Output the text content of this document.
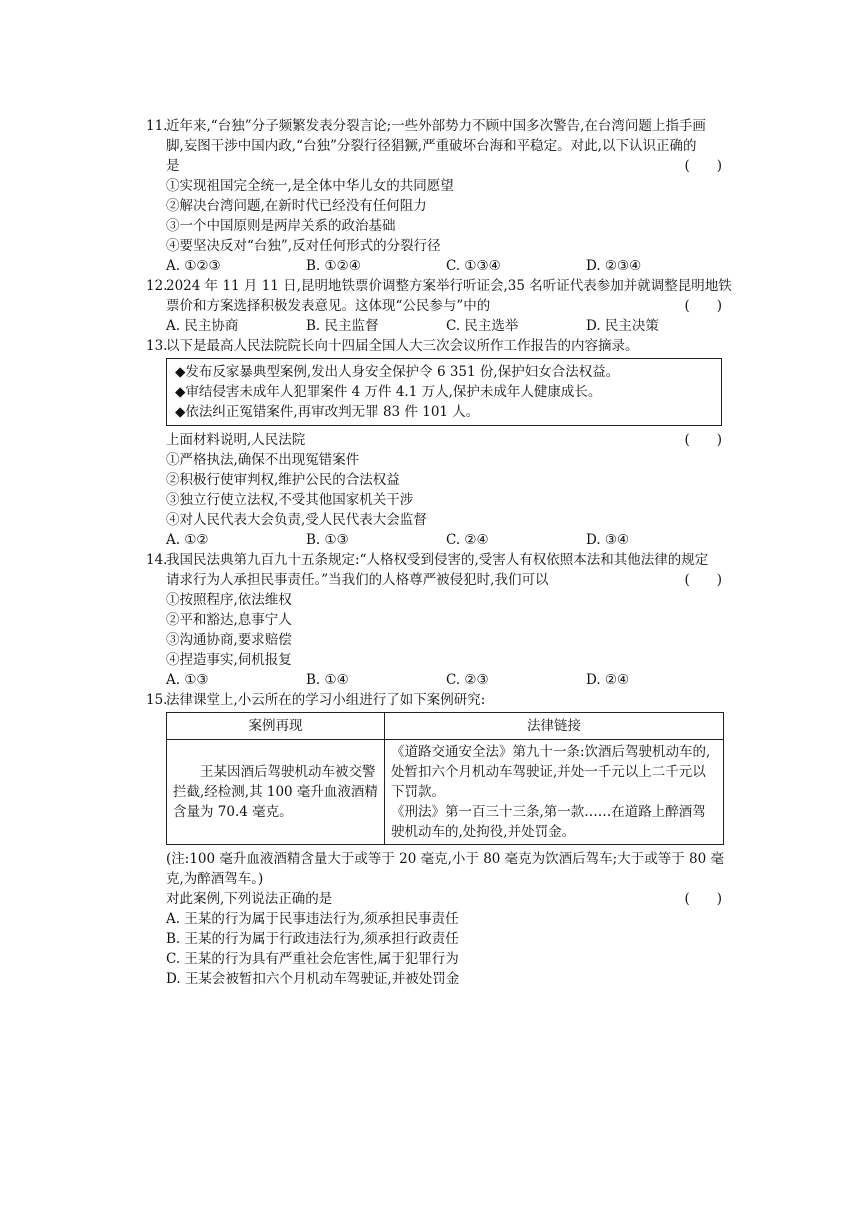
11.
近年来,“台独”分子频繁发表分裂言论;一些外部势力不顾中国多次警告,在台湾问题上指手画
脚,妄图干涉中国内政,“台独”分裂行径猖獗,严重破坏台海和平稳定。对此,以下认识正确的
是	(　　)
①实现祖国完全统一,是全体中华儿女的共同愿望
②解决台湾问题,在新时代已经没有任何阻力
③一个中国原则是两岸关系的政治基础
④要坚决反对“台独”,反对任何形式的分裂行径
A. ①②③	B. ①②④	C. ①③④	D. ②③④
12.
2024 年 11 月 11 日,昆明地铁票价调整方案举行听证会,35 名听证代表参加并就调整昆明地铁
票价和方案选择积极发表意见。这体现“公民参与”中的	(　　)
A. 民主协商	B. 民主监督	C. 民主选举	D. 民主决策
13.
以下是最高人民法院院长向十四届全国人大三次会议所作工作报告的内容摘录。
◆发布反家暴典型案例,发出人身安全保护令 6 351 份,保护妇女合法权益。
◆审结侵害未成年人犯罪案件 4 万件 4.1 万人,保护未成年人健康成长。
◆依法纠正冤错案件,再审改判无罪 83 件 101 人。
上面材料说明,人民法院	(　　)
①严格执法,确保不出现冤错案件
②积极行使审判权,维护公民的合法权益
③独立行使立法权,不受其他国家机关干涉
④对人民代表大会负责,受人民代表大会监督
A. ①②	B. ①③	C. ②④	D. ③④
14.
我国民法典第九百九十五条规定:“人格权受到侵害的,受害人有权依照本法和其他法律的规定
请求行为人承担民事责任。”当我们的人格尊严被侵犯时,我们可以	(　　)
①按照程序,依法维权
②平和豁达,息事宁人
③沟通协商,要求赔偿
④捏造事实,伺机报复
A. ①③	B. ①④	C. ②③	D. ②④
15.
法律课堂上,小云所在的学习小组进行了如下案例研究:
案例再现	法律链接
王某因酒后驾驶机动车被交警拦截,经检测,其 100 毫升血液酒精含量为 70.4 毫克。	《道路交通安全法》第九十一条:饮酒后驾驶机动车的,处暂扣六个月机动车驾驶证,并处一千元以上二千元以下罚款。
《刑法》第一百三十三条,第一款……在道路上醉酒驾驶机动车的,处拘役,并处罚金。
(注:100 毫升血液酒精含量大于或等于 20 毫克,小于 80 毫克为饮酒后驾车;大于或等于 80 毫克,为醉酒驾车。)
对此案例,下列说法正确的是	(　　)
A. 王某的行为属于民事违法行为,须承担民事责任
B. 王某的行为属于行政违法行为,须承担行政责任
C. 王某的行为具有严重社会危害性,属于犯罪行为
D. 王某会被暂扣六个月机动车驾驶证,并被处罚金
